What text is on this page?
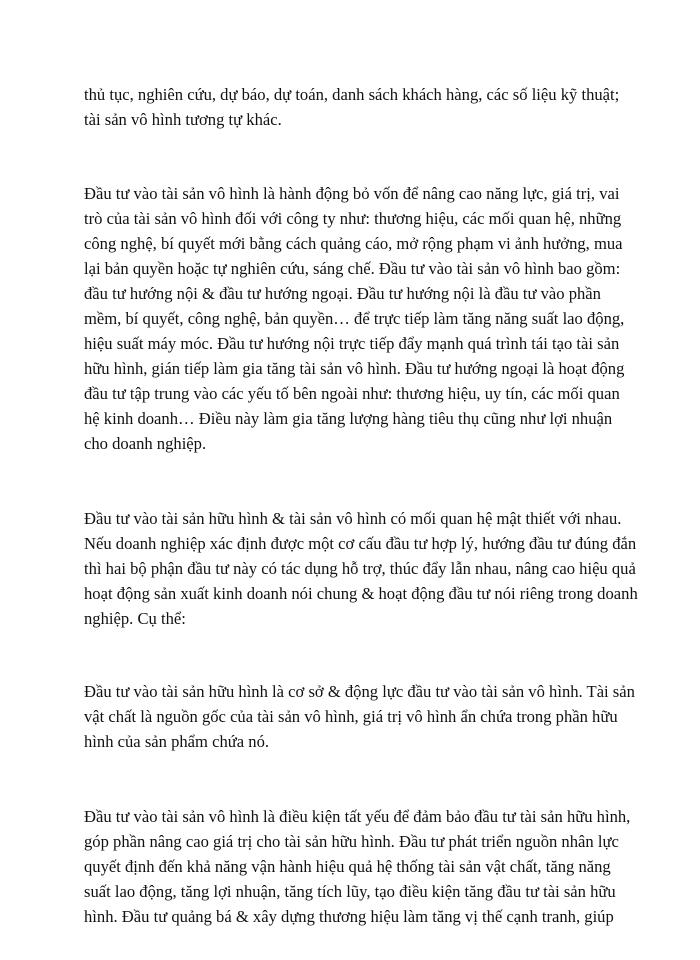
thủ tục, nghiên cứu, dự báo, dự toán, danh sách khách hàng, các số liệu kỹ thuật;
tài sản vô hình tương tự khác.

Đầu tư vào tài sản vô hình là hành động bỏ vốn để nâng cao năng lực, giá trị, vai
trò của tài sản vô hình đối với công ty như: thương hiệu, các mối quan hệ, những
công nghệ, bí quyết mới bằng cách quảng cáo, mở rộng phạm vi ảnh hưởng, mua
lại bản quyền hoặc tự nghiên cứu, sáng chế. Đầu tư vào tài sản vô hình bao gồm:
đầu tư hướng nội & đầu tư hướng ngoại. Đầu tư hướng nội là đầu tư vào phần
mềm, bí quyết, công nghệ, bản quyền… để trực tiếp làm tăng năng suất lao động,
hiệu suất máy móc. Đầu tư hướng nội trực tiếp đẩy mạnh quá trình tái tạo tài sản
hữu hình, gián tiếp làm gia tăng tài sản vô hình. Đầu tư hướng ngoại là hoạt động
đầu tư tập trung vào các yếu tố bên ngoài như: thương hiệu, uy tín, các mối quan
hệ kinh doanh… Điều này làm gia tăng lượng hàng tiêu thụ cũng như lợi nhuận
cho doanh nghiệp.

Đầu tư vào tài sản hữu hình & tài sản vô hình có mối quan hệ mật thiết với nhau.
Nếu doanh nghiệp xác định được một cơ cấu đầu tư hợp lý, hướng đầu tư đúng đắn
thì hai bộ phận đầu tư này có tác dụng hỗ trợ, thúc đẩy lẫn nhau, nâng cao hiệu quả
hoạt động sản xuất kinh doanh nói chung & hoạt động đầu tư nói riêng trong doanh
nghiệp. Cụ thể:

Đầu tư vào tài sản hữu hình là cơ sở & động lực đầu tư vào tài sản vô hình. Tài sản
vật chất là nguồn gốc của tài sản vô hình, giá trị vô hình ẩn chứa trong phần hữu
hình của sản phẩm chứa nó.

Đầu tư vào tài sản vô hình là điều kiện tất yếu để đảm bảo đầu tư tài sản hữu hình,
góp phần nâng cao giá trị cho tài sản hữu hình. Đầu tư phát triển nguồn nhân lực
quyết định đến khả năng vận hành hiệu quả hệ thống tài sản vật chất, tăng năng
suất lao động, tăng lợi nhuận, tăng tích lũy, tạo điều kiện tăng đầu tư tài sản hữu
hình. Đầu tư quảng bá & xây dựng thương hiệu làm tăng vị thế cạnh tranh, giúp
